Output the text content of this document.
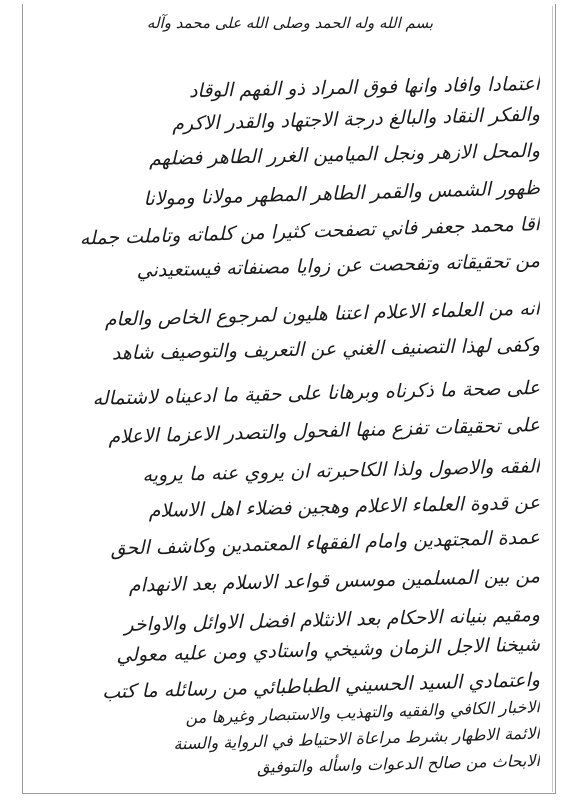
بسم الله وله الحمد وصلى الله على محمد وآله
اعتمادا وافاد وانها فوق المراد ذو الفهم الوقاد
والفكر النقاد والبالغ درجة الاجتهاد والقدر الاكرم
والمحل الازهر ونجل الميامين الغرر الطاهر فضلهم
ظهور الشمس والقمر الطاهر المطهر مولانا ومولانا
اقا محمد جعفر فاني تصفحت كثيرا من كلماته وتاملت جمله
من تحقيقاته وتفحصت عن زوايا مصنفاته فيستعيدني
انه من العلماء الاعلام اعتنا هليون لمرجوع الخاص والعام
وكفى لهذا التصنيف الغني عن التعريف والتوصيف شاهد
على صحة ما ذكرناه وبرهانا على حقية ما ادعيناه لاشتماله
على تحقيقات تفزع منها الفحول والتصدر الاعزما الاعلام
الفقه والاصول ولذا الكاحبرته ان يروي عنه ما يرويه
عن قدوة العلماء الاعلام وهجين فضلاء اهل الاسلام
عمدة المجتهدين وامام الفقهاء المعتمدين وكاشف الحق
من بين المسلمين موسس قواعد الاسلام بعد الانهدام
ومقيم بنيانه الاحكام بعد الانثلام افضل الاوائل والاواخر
شيخنا الاجل الزمان وشيخي واستادي ومن عليه معولي
واعتمادي السيد الحسيني الطباطبائي من رسائله ما كتب
الاخبار الكافي والفقيه والتهذيب والاستبصار وغيرها من
الائمة الاطهار بشرط مراعاة الاحتياط في الرواية والسنة
الابحاث من صالح الدعوات واسأله والتوفيق
